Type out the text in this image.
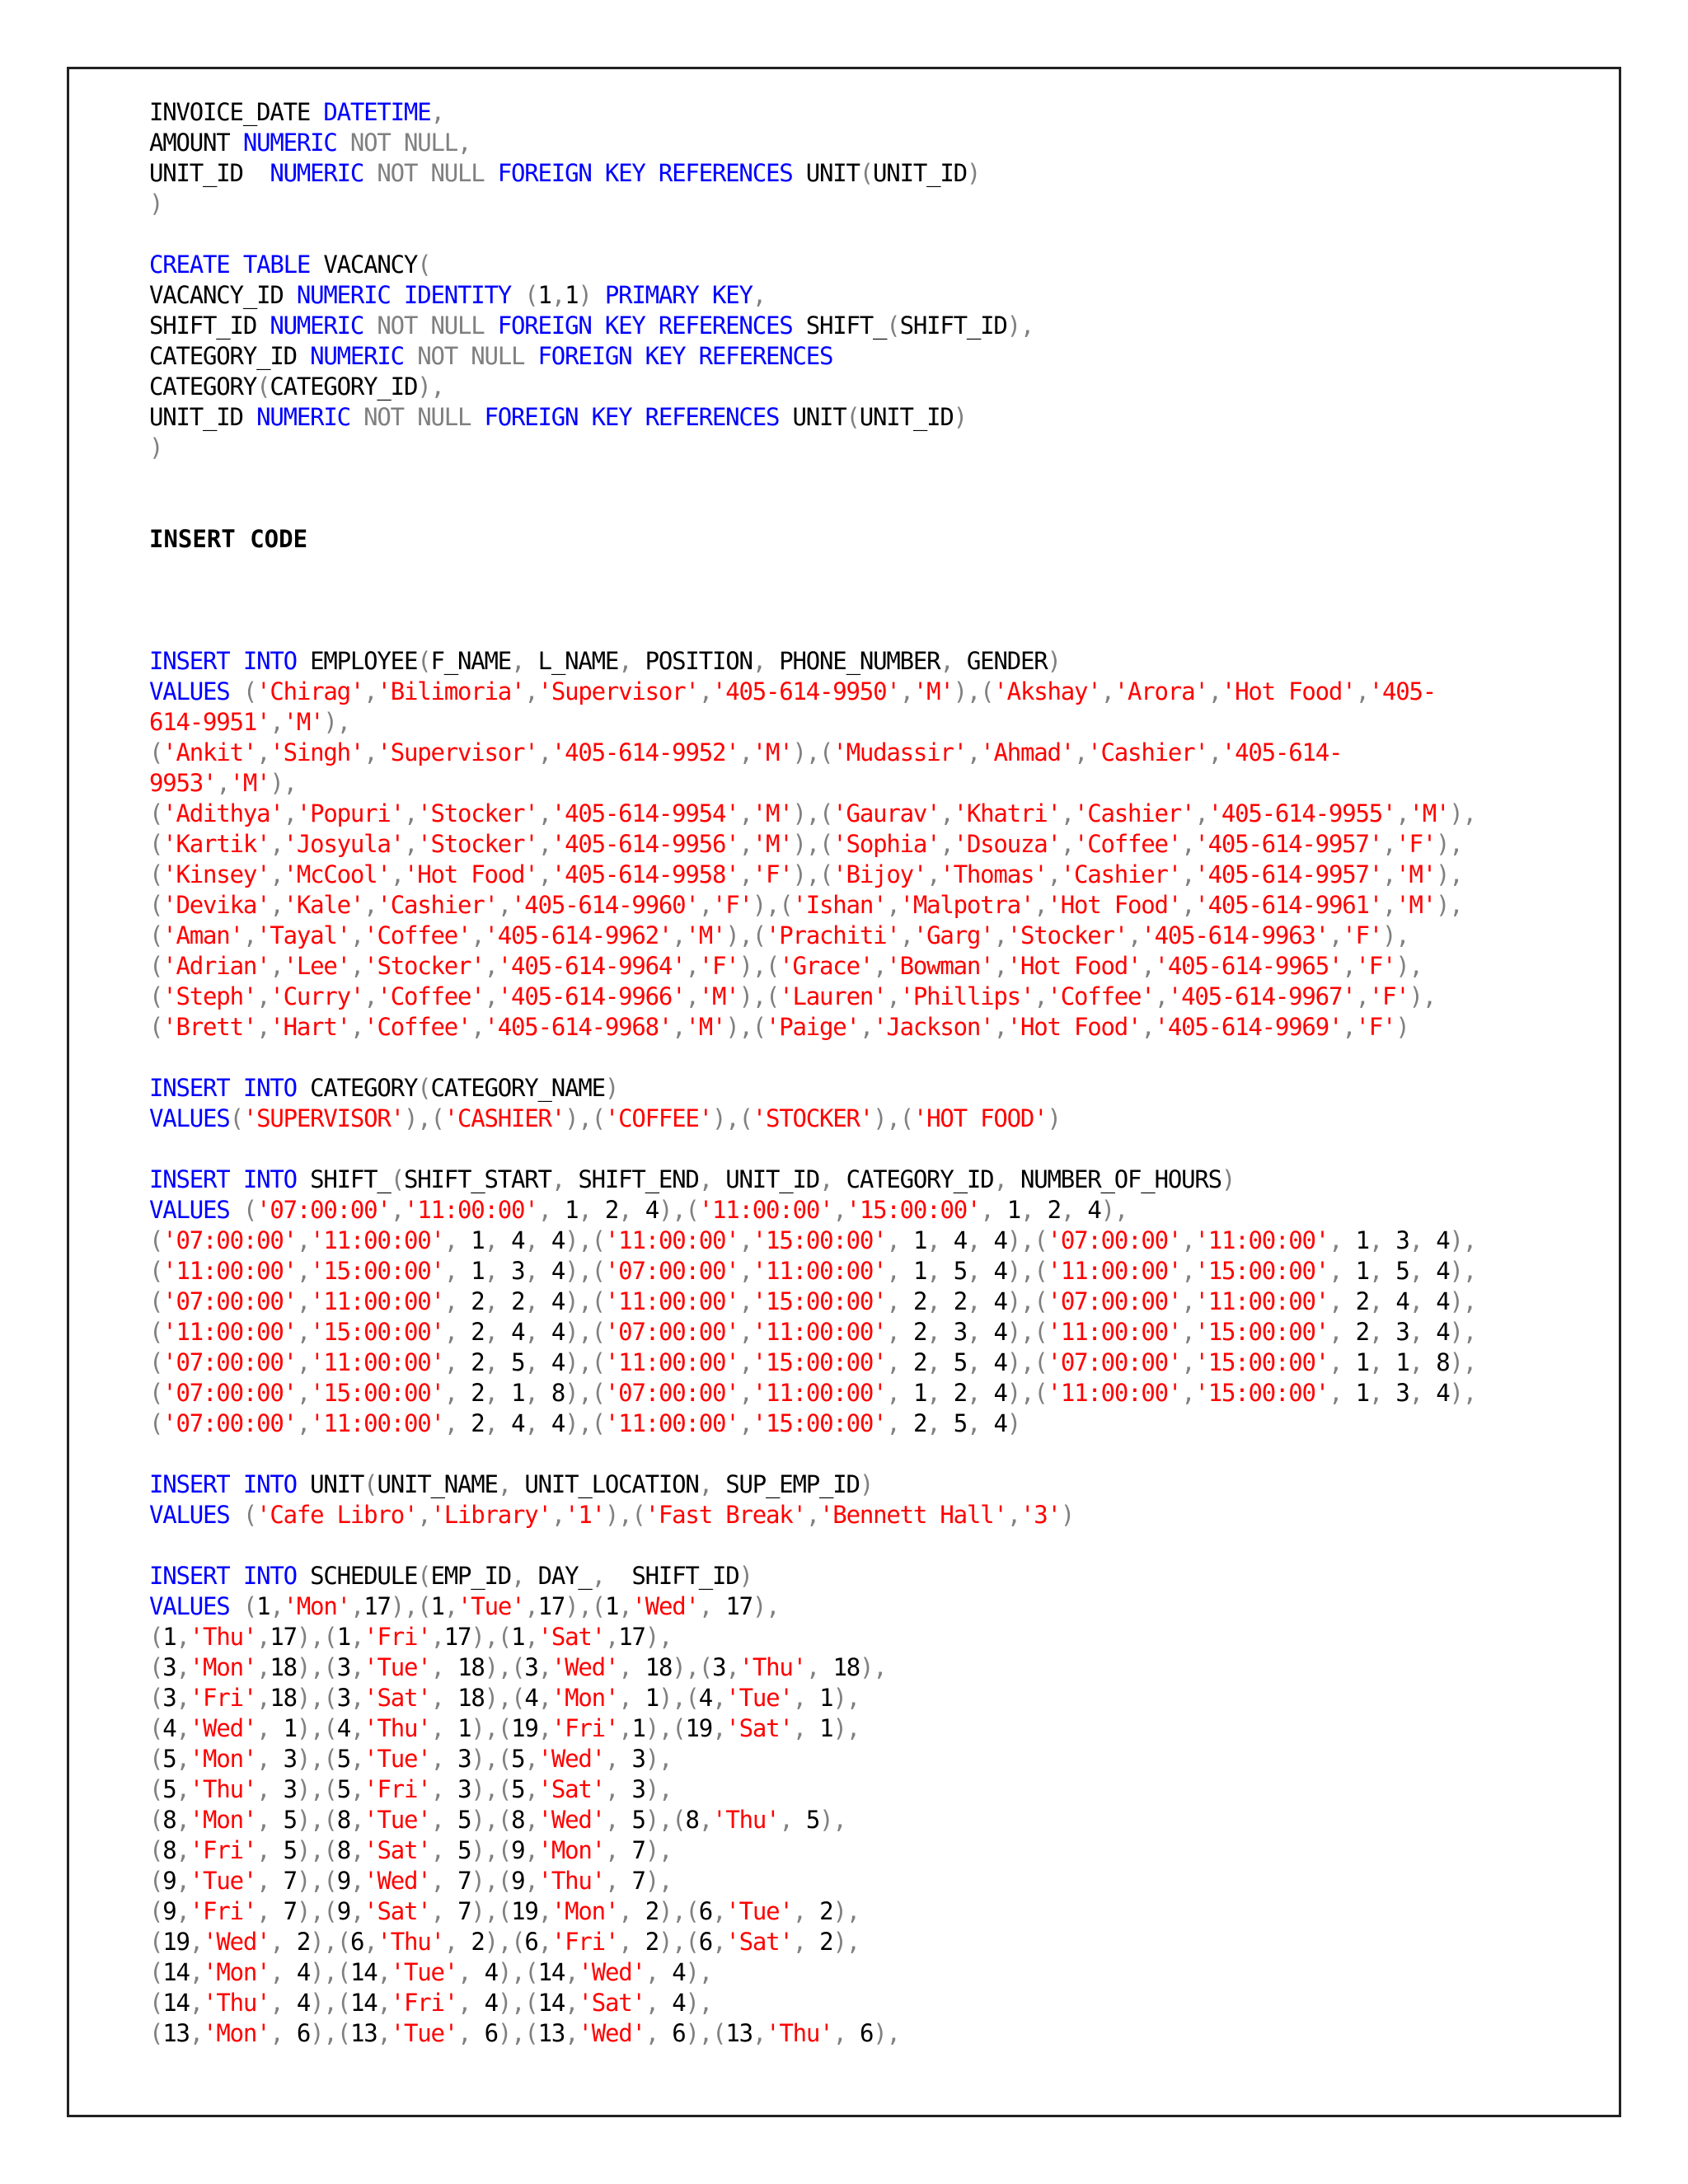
INVOICE_DATE DATETIME,
AMOUNT NUMERIC NOT NULL,
UNIT_ID  NUMERIC NOT NULL FOREIGN KEY REFERENCES UNIT(UNIT_ID)
)

CREATE TABLE VACANCY(
VACANCY_ID NUMERIC IDENTITY (1,1) PRIMARY KEY,
SHIFT_ID NUMERIC NOT NULL FOREIGN KEY REFERENCES SHIFT_(SHIFT_ID),
CATEGORY_ID NUMERIC NOT NULL FOREIGN KEY REFERENCES
CATEGORY(CATEGORY_ID),
UNIT_ID NUMERIC NOT NULL FOREIGN KEY REFERENCES UNIT(UNIT_ID)
)

INSERT CODE

INSERT INTO EMPLOYEE(F_NAME, L_NAME, POSITION, PHONE_NUMBER, GENDER)
VALUES ('Chirag','Bilimoria','Supervisor','405-614-9950','M'),('Akshay','Arora','Hot Food','405-
614-9951','M'),
('Ankit','Singh','Supervisor','405-614-9952','M'),('Mudassir','Ahmad','Cashier','405-614-
9953','M'),
('Adithya','Popuri','Stocker','405-614-9954','M'),('Gaurav','Khatri','Cashier','405-614-9955','M'),
('Kartik','Josyula','Stocker','405-614-9956','M'),('Sophia','Dsouza','Coffee','405-614-9957','F'),
('Kinsey','McCool','Hot Food','405-614-9958','F'),('Bijoy','Thomas','Cashier','405-614-9957','M'),
('Devika','Kale','Cashier','405-614-9960','F'),('Ishan','Malpotra','Hot Food','405-614-9961','M'),
('Aman','Tayal','Coffee','405-614-9962','M'),('Prachiti','Garg','Stocker','405-614-9963','F'),
('Adrian','Lee','Stocker','405-614-9964','F'),('Grace','Bowman','Hot Food','405-614-9965','F'),
('Steph','Curry','Coffee','405-614-9966','M'),('Lauren','Phillips','Coffee','405-614-9967','F'),
('Brett','Hart','Coffee','405-614-9968','M'),('Paige','Jackson','Hot Food','405-614-9969','F')

INSERT INTO CATEGORY(CATEGORY_NAME)
VALUES('SUPERVISOR'),('CASHIER'),('COFFEE'),('STOCKER'),('HOT FOOD')

INSERT INTO SHIFT_(SHIFT_START, SHIFT_END, UNIT_ID, CATEGORY_ID, NUMBER_OF_HOURS)
VALUES ('07:00:00','11:00:00', 1, 2, 4),('11:00:00','15:00:00', 1, 2, 4),
('07:00:00','11:00:00', 1, 4, 4),('11:00:00','15:00:00', 1, 4, 4),('07:00:00','11:00:00', 1, 3, 4),
('11:00:00','15:00:00', 1, 3, 4),('07:00:00','11:00:00', 1, 5, 4),('11:00:00','15:00:00', 1, 5, 4),
('07:00:00','11:00:00', 2, 2, 4),('11:00:00','15:00:00', 2, 2, 4),('07:00:00','11:00:00', 2, 4, 4),
('11:00:00','15:00:00', 2, 4, 4),('07:00:00','11:00:00', 2, 3, 4),('11:00:00','15:00:00', 2, 3, 4),
('07:00:00','11:00:00', 2, 5, 4),('11:00:00','15:00:00', 2, 5, 4),('07:00:00','15:00:00', 1, 1, 8),
('07:00:00','15:00:00', 2, 1, 8),('07:00:00','11:00:00', 1, 2, 4),('11:00:00','15:00:00', 1, 3, 4),
('07:00:00','11:00:00', 2, 4, 4),('11:00:00','15:00:00', 2, 5, 4)

INSERT INTO UNIT(UNIT_NAME, UNIT_LOCATION, SUP_EMP_ID)
VALUES ('Cafe Libro','Library','1'),('Fast Break','Bennett Hall','3')

INSERT INTO SCHEDULE(EMP_ID, DAY_,  SHIFT_ID)
VALUES (1,'Mon',17),(1,'Tue',17),(1,'Wed', 17),
(1,'Thu',17),(1,'Fri',17),(1,'Sat',17),
(3,'Mon',18),(3,'Tue', 18),(3,'Wed', 18),(3,'Thu', 18),
(3,'Fri',18),(3,'Sat', 18),(4,'Mon', 1),(4,'Tue', 1),
(4,'Wed', 1),(4,'Thu', 1),(19,'Fri',1),(19,'Sat', 1),
(5,'Mon', 3),(5,'Tue', 3),(5,'Wed', 3),
(5,'Thu', 3),(5,'Fri', 3),(5,'Sat', 3),
(8,'Mon', 5),(8,'Tue', 5),(8,'Wed', 5),(8,'Thu', 5),
(8,'Fri', 5),(8,'Sat', 5),(9,'Mon', 7),
(9,'Tue', 7),(9,'Wed', 7),(9,'Thu', 7),
(9,'Fri', 7),(9,'Sat', 7),(19,'Mon', 2),(6,'Tue', 2),
(19,'Wed', 2),(6,'Thu', 2),(6,'Fri', 2),(6,'Sat', 2),
(14,'Mon', 4),(14,'Tue', 4),(14,'Wed', 4),
(14,'Thu', 4),(14,'Fri', 4),(14,'Sat', 4),
(13,'Mon', 6),(13,'Tue', 6),(13,'Wed', 6),(13,'Thu', 6),
